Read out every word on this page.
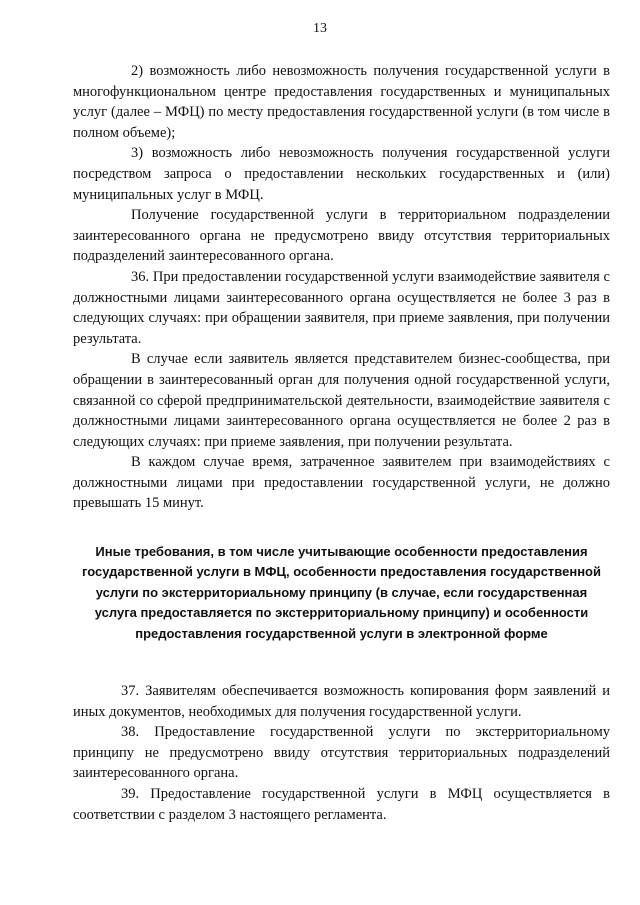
13

2) возможность либо невозможность получения государственной услуги в многофункциональном центре предоставления государственных и муниципальных услуг (далее – МФЦ) по месту предоставления государственной услуги (в том числе в полном объеме);

3) возможность либо невозможность получения государственной услуги посредством запроса о предоставлении нескольких государственных и (или) муниципальных услуг в МФЦ.

Получение государственной услуги в территориальном подразделении заинтересованного органа не предусмотрено ввиду отсутствия территориальных подразделений заинтересованного органа.

36. При предоставлении государственной услуги взаимодействие заявителя с должностными лицами заинтересованного органа осуществляется не более 3 раз в следующих случаях: при обращении заявителя, при приеме заявления, при получении результата.

В случае если заявитель является представителем бизнес-сообщества, при обращении в заинтересованный орган для получения одной государственной услуги, связанной со сферой предпринимательской деятельности, взаимодействие заявителя с должностными лицами заинтересованного органа осуществляется не более 2 раз в следующих случаях: при приеме заявления, при получении результата.

В каждом случае время, затраченное заявителем при взаимодействиях с должностными лицами при предоставлении государственной услуги, не должно превышать 15 минут.

Иные требования, в том числе учитывающие особенности предоставления государственной услуги в МФЦ, особенности предоставления государственной услуги по экстерриториальному принципу (в случае, если государственная услуга предоставляется по экстерриториальному принципу) и особенности предоставления государственной услуги в электронной форме

37. Заявителям обеспечивается возможность копирования форм заявлений и иных документов, необходимых для получения государственной услуги.

38. Предоставление государственной услуги по экстерриториальному принципу не предусмотрено ввиду отсутствия территориальных подразделений заинтересованного органа.

39. Предоставление государственной услуги в МФЦ осуществляется в соответствии с разделом 3 настоящего регламента.
